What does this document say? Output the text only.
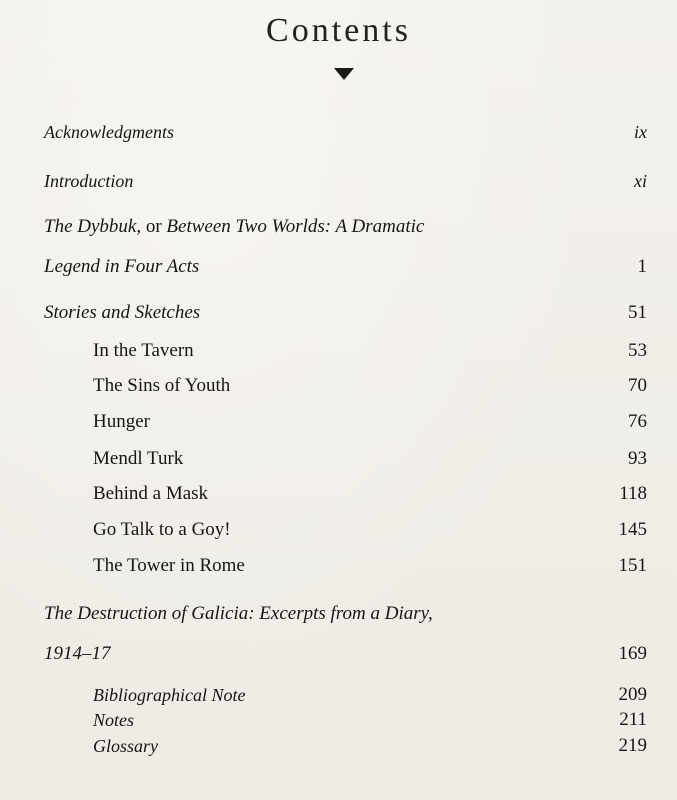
Contents
Acknowledgments	ix
Introduction	xi
The Dybbuk, or Between Two Worlds: A Dramatic
Legend in Four Acts	1
Stories and Sketches	51
In the Tavern	53
The Sins of Youth	70
Hunger	76
Mendl Turk	93
Behind a Mask	118
Go Talk to a Goy!	145
The Tower in Rome	151
The Destruction of Galicia: Excerpts from a Diary,
1914–17	169
Bibliographical Note	209
Notes	211
Glossary	219
